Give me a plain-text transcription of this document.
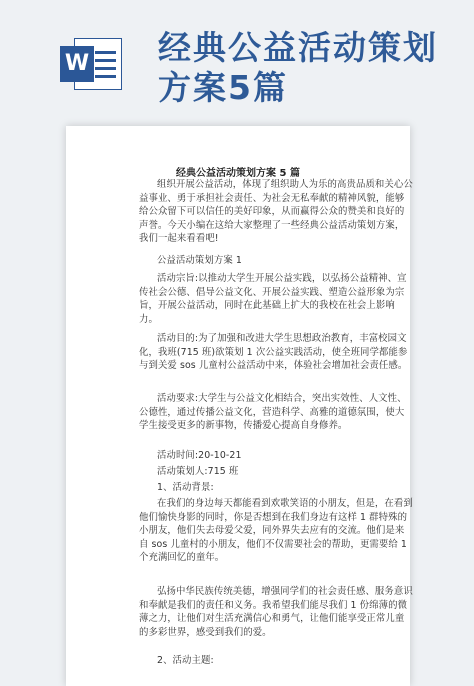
W 经典公益活动策划
方案5篇
经典公益活动策划方案 5 篇
组织开展公益活动，体现了组织助人为乐的高贵品质和关心公益事业、勇于承担社会责任、为社会无私奉献的精神风貌，能够给公众留下可以信任的美好印象，从而赢得公众的赞美和良好的声誉。今天小编在这给大家整理了一些经典公益活动策划方案，我们一起来看看吧!
公益活动策划方案 1
活动宗旨:以推动大学生开展公益实践，以弘扬公益精神、宣传社会公德、倡导公益文化、开展公益实践、塑造公益形象为宗旨，开展公益活动，同时在此基础上扩大的我校在社会上影响力。
活动目的:为了加强和改进大学生思想政治教育，丰富校园文化，我班(715 班)欲策划 1 次公益实践活动，使全班同学都能参与到关爱 sos 儿童村公益活动中来，体验社会增加社会责任感。
活动要求:大学生与公益文化相结合，突出实效性、人文性、公德性，通过传播公益文化，营造科学、高雅的道德氛围，使大学生接受更多的新事物，传播爱心提高自身修养。
活动时间:20-10-21
活动策划人:715 班
1、活动背景:
在我们的身边每天都能看到欢歌笑语的小朋友，但是，在看到他们愉快身影的同时，你是否想到在我们身边有这样 1 群特殊的小朋友，他们失去母爱父爱，同外界失去应有的交流。他们是来自 sos 儿童村的小朋友，他们不仅需要社会的帮助，更需要给 1 个充满回忆的童年。
弘扬中华民族传统美德，增强同学们的社会责任感、服务意识和奉献是我们的责任和义务。我希望我们能尽我们 1 份绵薄的微薄之力，让他们对生活充满信心和勇气，让他们能享受正常儿童的多彩世界，感受到我们的爱。
2、活动主题:
